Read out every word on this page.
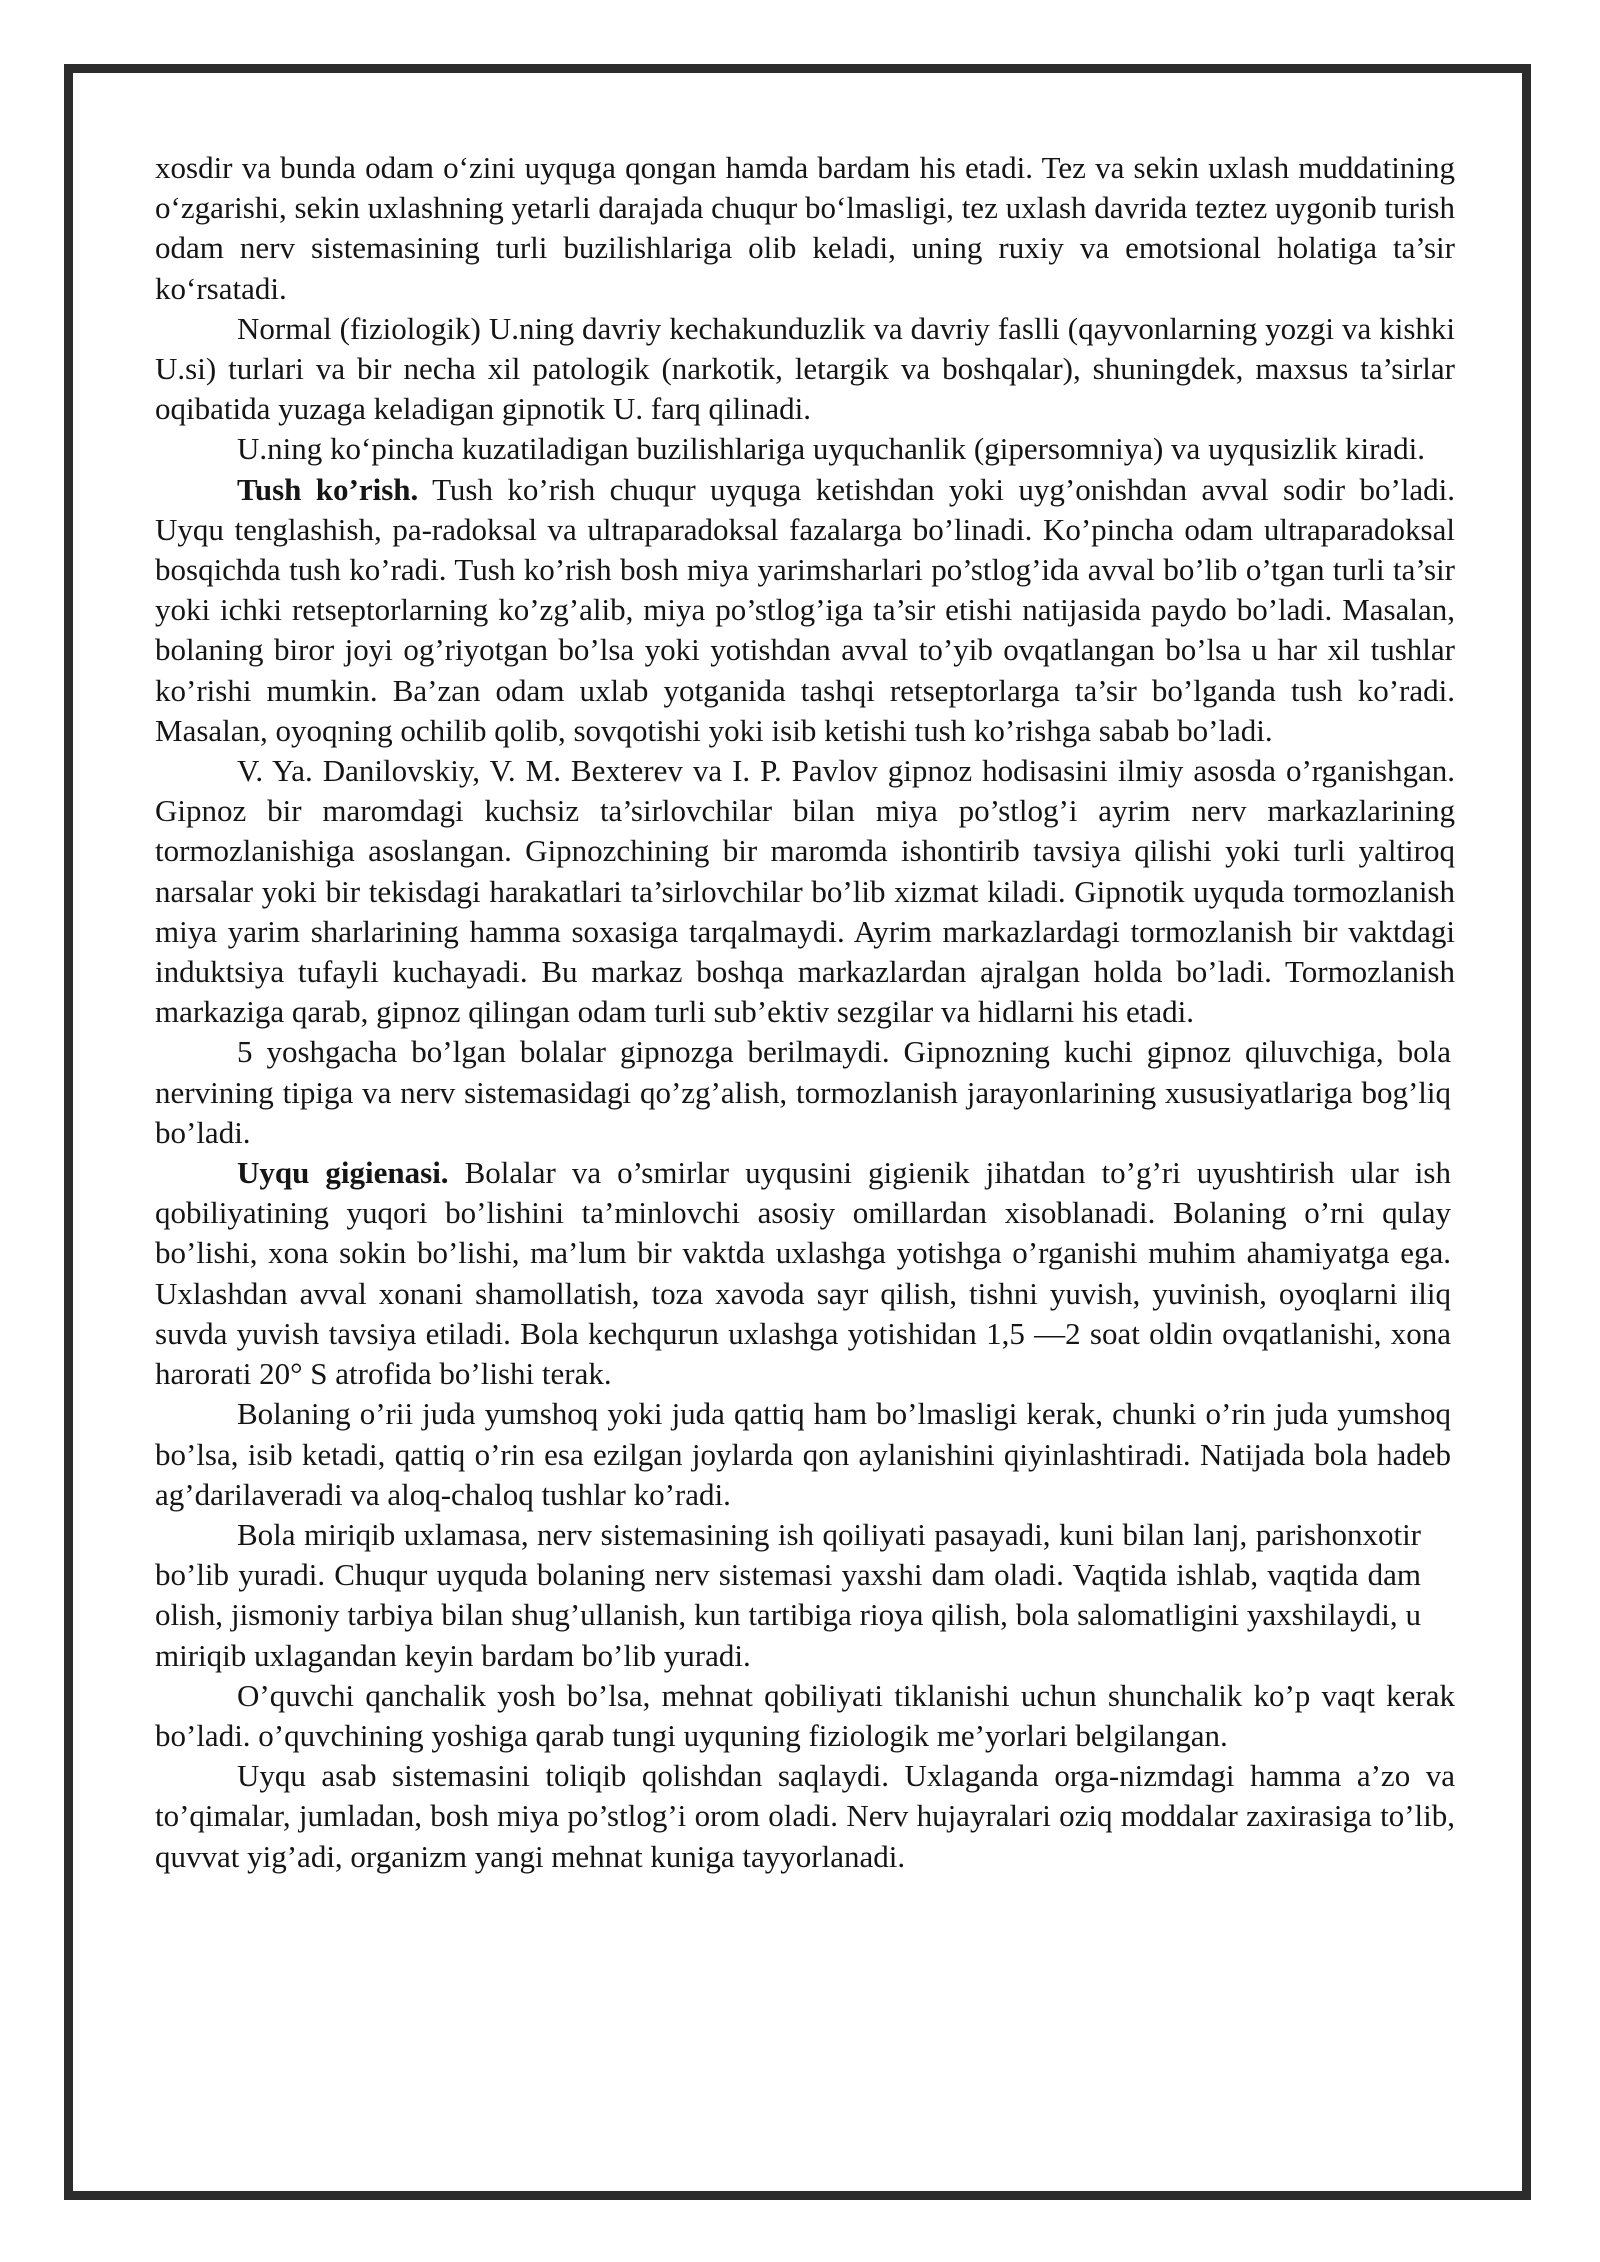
xosdir va bunda odam o‘zini uyquga qongan hamda bardam his etadi. Tez va sekin uxlash muddatining o‘zgarishi, sekin uxlashning yetarli darajada chuqur bo‘lmasligi, tez uxlash davrida teztez uygonib turish odam nerv sistemasining turli buzilishlariga olib keladi, uning ruxiy va emotsional holatiga ta’sir ko‘rsatadi.

Normal (fiziologik) U.ning davriy kechakunduzlik va davriy faslli (qayvonlarning yozgi va kishki U.si) turlari va bir necha xil patologik (narkotik, letargik va boshqalar), shuningdek, maxsus ta’sirlar oqibatida yuzaga keladigan gipnotik U. farq qilinadi.

U.ning ko‘pincha kuzatiladigan buzilishlariga uyquchanlik (gipersomniya) va uyqusizlik kiradi.

Tush ko’rish. Tush ko’rish chuqur uyquga ketishdan yoki uyg’onishdan avval sodir bo’ladi. Uyqu tenglashish, pa-radoksal va ultraparadoksal fazalarga bo’linadi. Ko’pincha odam ultraparadoksal bosqichda tush ko’radi. Tush ko’rish bosh miya yarimsharlari po’stlog’ida avval bo’lib o’tgan turli ta’sir yoki ichki retseptorlarning ko’zg’alib, miya po’stlog’iga ta’sir etishi natijasida paydo bo’ladi. Masalan, bolaning biror joyi og’riyotgan bo’lsa yoki yotishdan avval to’yib ovqatlangan bo’lsa u har xil tushlar ko’rishi mumkin. Ba’zan odam uxlab yotganida tashqi retseptorlarga ta’sir bo’lganda tush ko’radi. Masalan, oyoqning ochilib qolib, sovqotishi yoki isib ketishi tush ko’rishga sabab bo’ladi.

V. Ya. Danilovskiy, V. M. Bexterev va I. P. Pavlov gipnoz hodisasini ilmiy asosda o’rganishgan. Gipnoz bir maromdagi kuchsiz ta’sirlovchilar bilan miya po’stlog’i ayrim nerv markazlarining tormozlanishiga asoslangan. Gipnozchining bir maromda ishontirib tavsiya qilishi yoki turli yaltiroq narsalar yoki bir tekisdagi harakatlari ta’sirlovchilar bo’lib xizmat kiladi. Gipnotik uyquda tormozlanish miya yarim sharlarining hamma soxasiga tarqalmaydi. Ayrim markazlardagi tormozlanish bir vaktdagi induktsiya tufayli kuchayadi. Bu markaz boshqa markazlardan ajralgan holda bo’ladi. Tormozlanish markaziga qarab, gipnoz qilingan odam turli sub’ektiv sezgilar va hidlarni his etadi.

5 yoshgacha bo’lgan bolalar gipnozga berilmaydi. Gipnozning kuchi gipnoz qiluvchiga, bola nervining tipiga va nerv sistemasidagi qo’zg’alish, tormozlanish jarayonlarining xususiyatlariga bog’liq bo’ladi.

Uyqu gigienasi. Bolalar va o’smirlar uyqusini gigienik jihatdan to’g’ri uyushtirish ular ish qobiliyatining yuqori bo’lishini ta’minlovchi asosiy omillardan xisoblanadi. Bolaning o’rni qulay bo’lishi, xona sokin bo’lishi, ma’lum bir vaktda uxlashga yotishga o’rganishi muhim ahamiyatga ega. Uxlashdan avval xonani shamollatish, toza xavoda sayr qilish, tishni yuvish, yuvinish, oyoqlarni iliq suvda yuvish tavsiya etiladi. Bola kechqurun uxlashga yotishidan 1,5 —2 soat oldin ovqatlanishi, xona harorati 20° S atrofida bo’lishi terak.

Bolaning o’rii juda yumshoq yoki juda qattiq ham bo’lmasligi kerak, chunki o’rin juda yumshoq bo’lsa, isib ketadi, qattiq o’rin esa ezilgan joylarda qon aylanishini qiyinlashtiradi. Natijada bola hadeb ag’darilaveradi va aloq-chaloq tushlar ko’radi.

Bola miriqib uxlamasa, nerv sistemasining ish qoiliyati pasayadi, kuni bilan lanj, parishonxotir bo’lib yuradi. Chuqur uyquda bolaning nerv sistemasi yaxshi dam oladi. Vaqtida ishlab, vaqtida dam olish, jismoniy tarbiya bilan shug’ullanish, kun tartibiga rioya qilish, bola salomatligini yaxshilaydi, u miriqib uxlagandan keyin bardam bo’lib yuradi.

O’quvchi qanchalik yosh bo’lsa, mehnat qobiliyati tiklanishi uchun shunchalik ko’p vaqt kerak bo’ladi. o’quvchining yoshiga qarab tungi uyquning fiziologik me’yorlari belgilangan.

Uyqu asab sistemasini toliqib qolishdan saqlaydi. Uxlaganda orga-nizmdagi hamma a’zo va to’qimalar, jumladan, bosh miya po’stlog’i orom oladi. Nerv hujayralari oziq moddalar zaxirasiga to’lib, quvvat yig’adi, organizm yangi mehnat kuniga tayyorlanadi.
